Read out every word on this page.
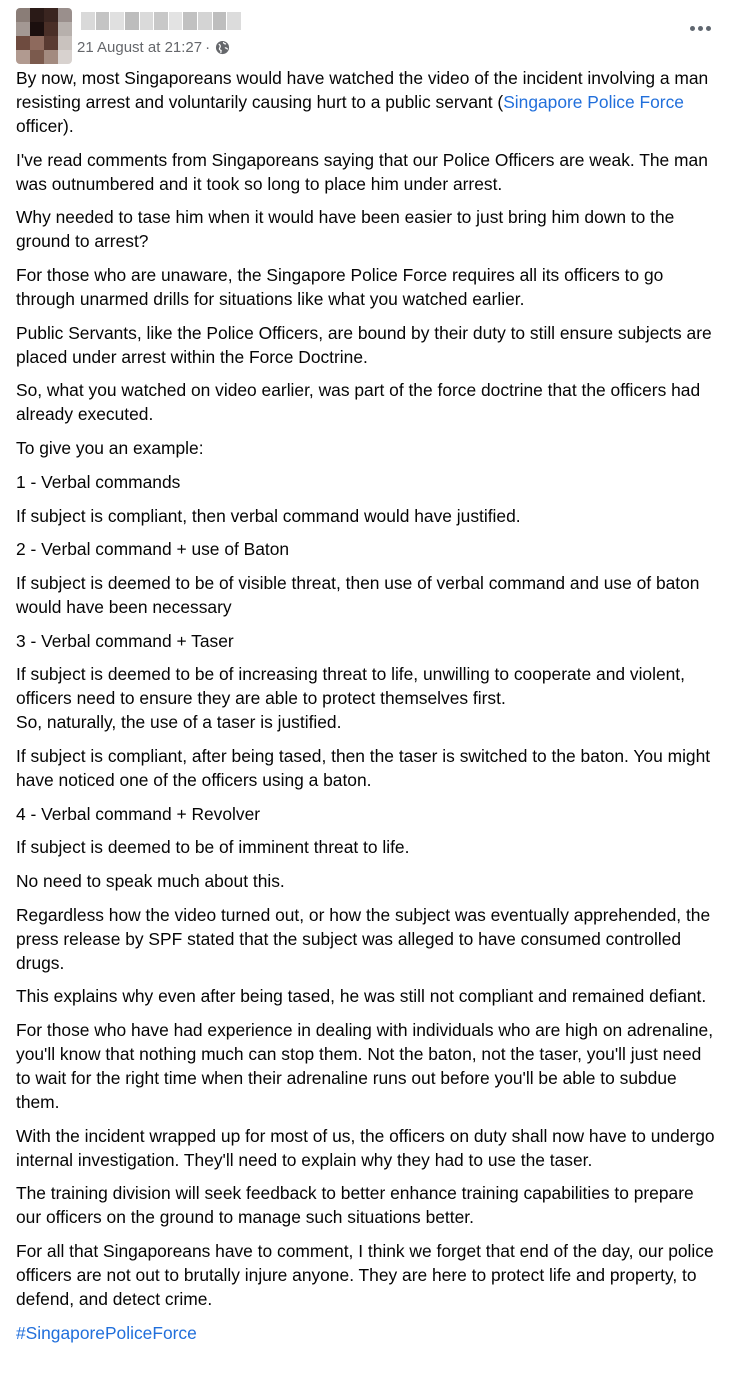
21 August at 21:27 ·

By now, most Singaporeans would have watched the video of the incident involving a man resisting arrest and voluntarily causing hurt to a public servant (Singapore Police Force officer).

I've read comments from Singaporeans saying that our Police Officers are weak. The man was outnumbered and it took so long to place him under arrest.

Why needed to tase him when it would have been easier to just bring him down to the ground to arrest?

For those who are unaware, the Singapore Police Force requires all its officers to go through unarmed drills for situations like what you watched earlier.

Public Servants, like the Police Officers, are bound by their duty to still ensure subjects are placed under arrest within the Force Doctrine.

So, what you watched on video earlier, was part of the force doctrine that the officers had already executed.

To give you an example:

1 - Verbal commands

If subject is compliant, then verbal command would have justified.

2 - Verbal command + use of Baton

If subject is deemed to be of visible threat, then use of verbal command and use of baton would have been necessary

3 - Verbal command + Taser

If subject is deemed to be of increasing threat to life, unwilling to cooperate and violent, officers need to ensure they are able to protect themselves first.
So, naturally, the use of a taser is justified.

If subject is compliant, after being tased, then the taser is switched to the baton. You might have noticed one of the officers using a baton.

4 - Verbal command + Revolver

If subject is deemed to be of imminent threat to life.

No need to speak much about this.

Regardless how the video turned out, or how the subject was eventually apprehended, the press release by SPF stated that the subject was alleged to have consumed controlled drugs.

This explains why even after being tased, he was still not compliant and remained defiant.

For those who have had experience in dealing with individuals who are high on adrenaline, you'll know that nothing much can stop them. Not the baton, not the taser, you'll just need to wait for the right time when their adrenaline runs out before you'll be able to subdue them.

With the incident wrapped up for most of us, the officers on duty shall now have to undergo internal investigation. They'll need to explain why they had to use the taser.

The training division will seek feedback to better enhance training capabilities to prepare our officers on the ground to manage such situations better.

For all that Singaporeans have to comment, I think we forget that end of the day, our police officers are not out to brutally injure anyone. They are here to protect life and property, to defend, and detect crime.

#SingaporePoliceForce
